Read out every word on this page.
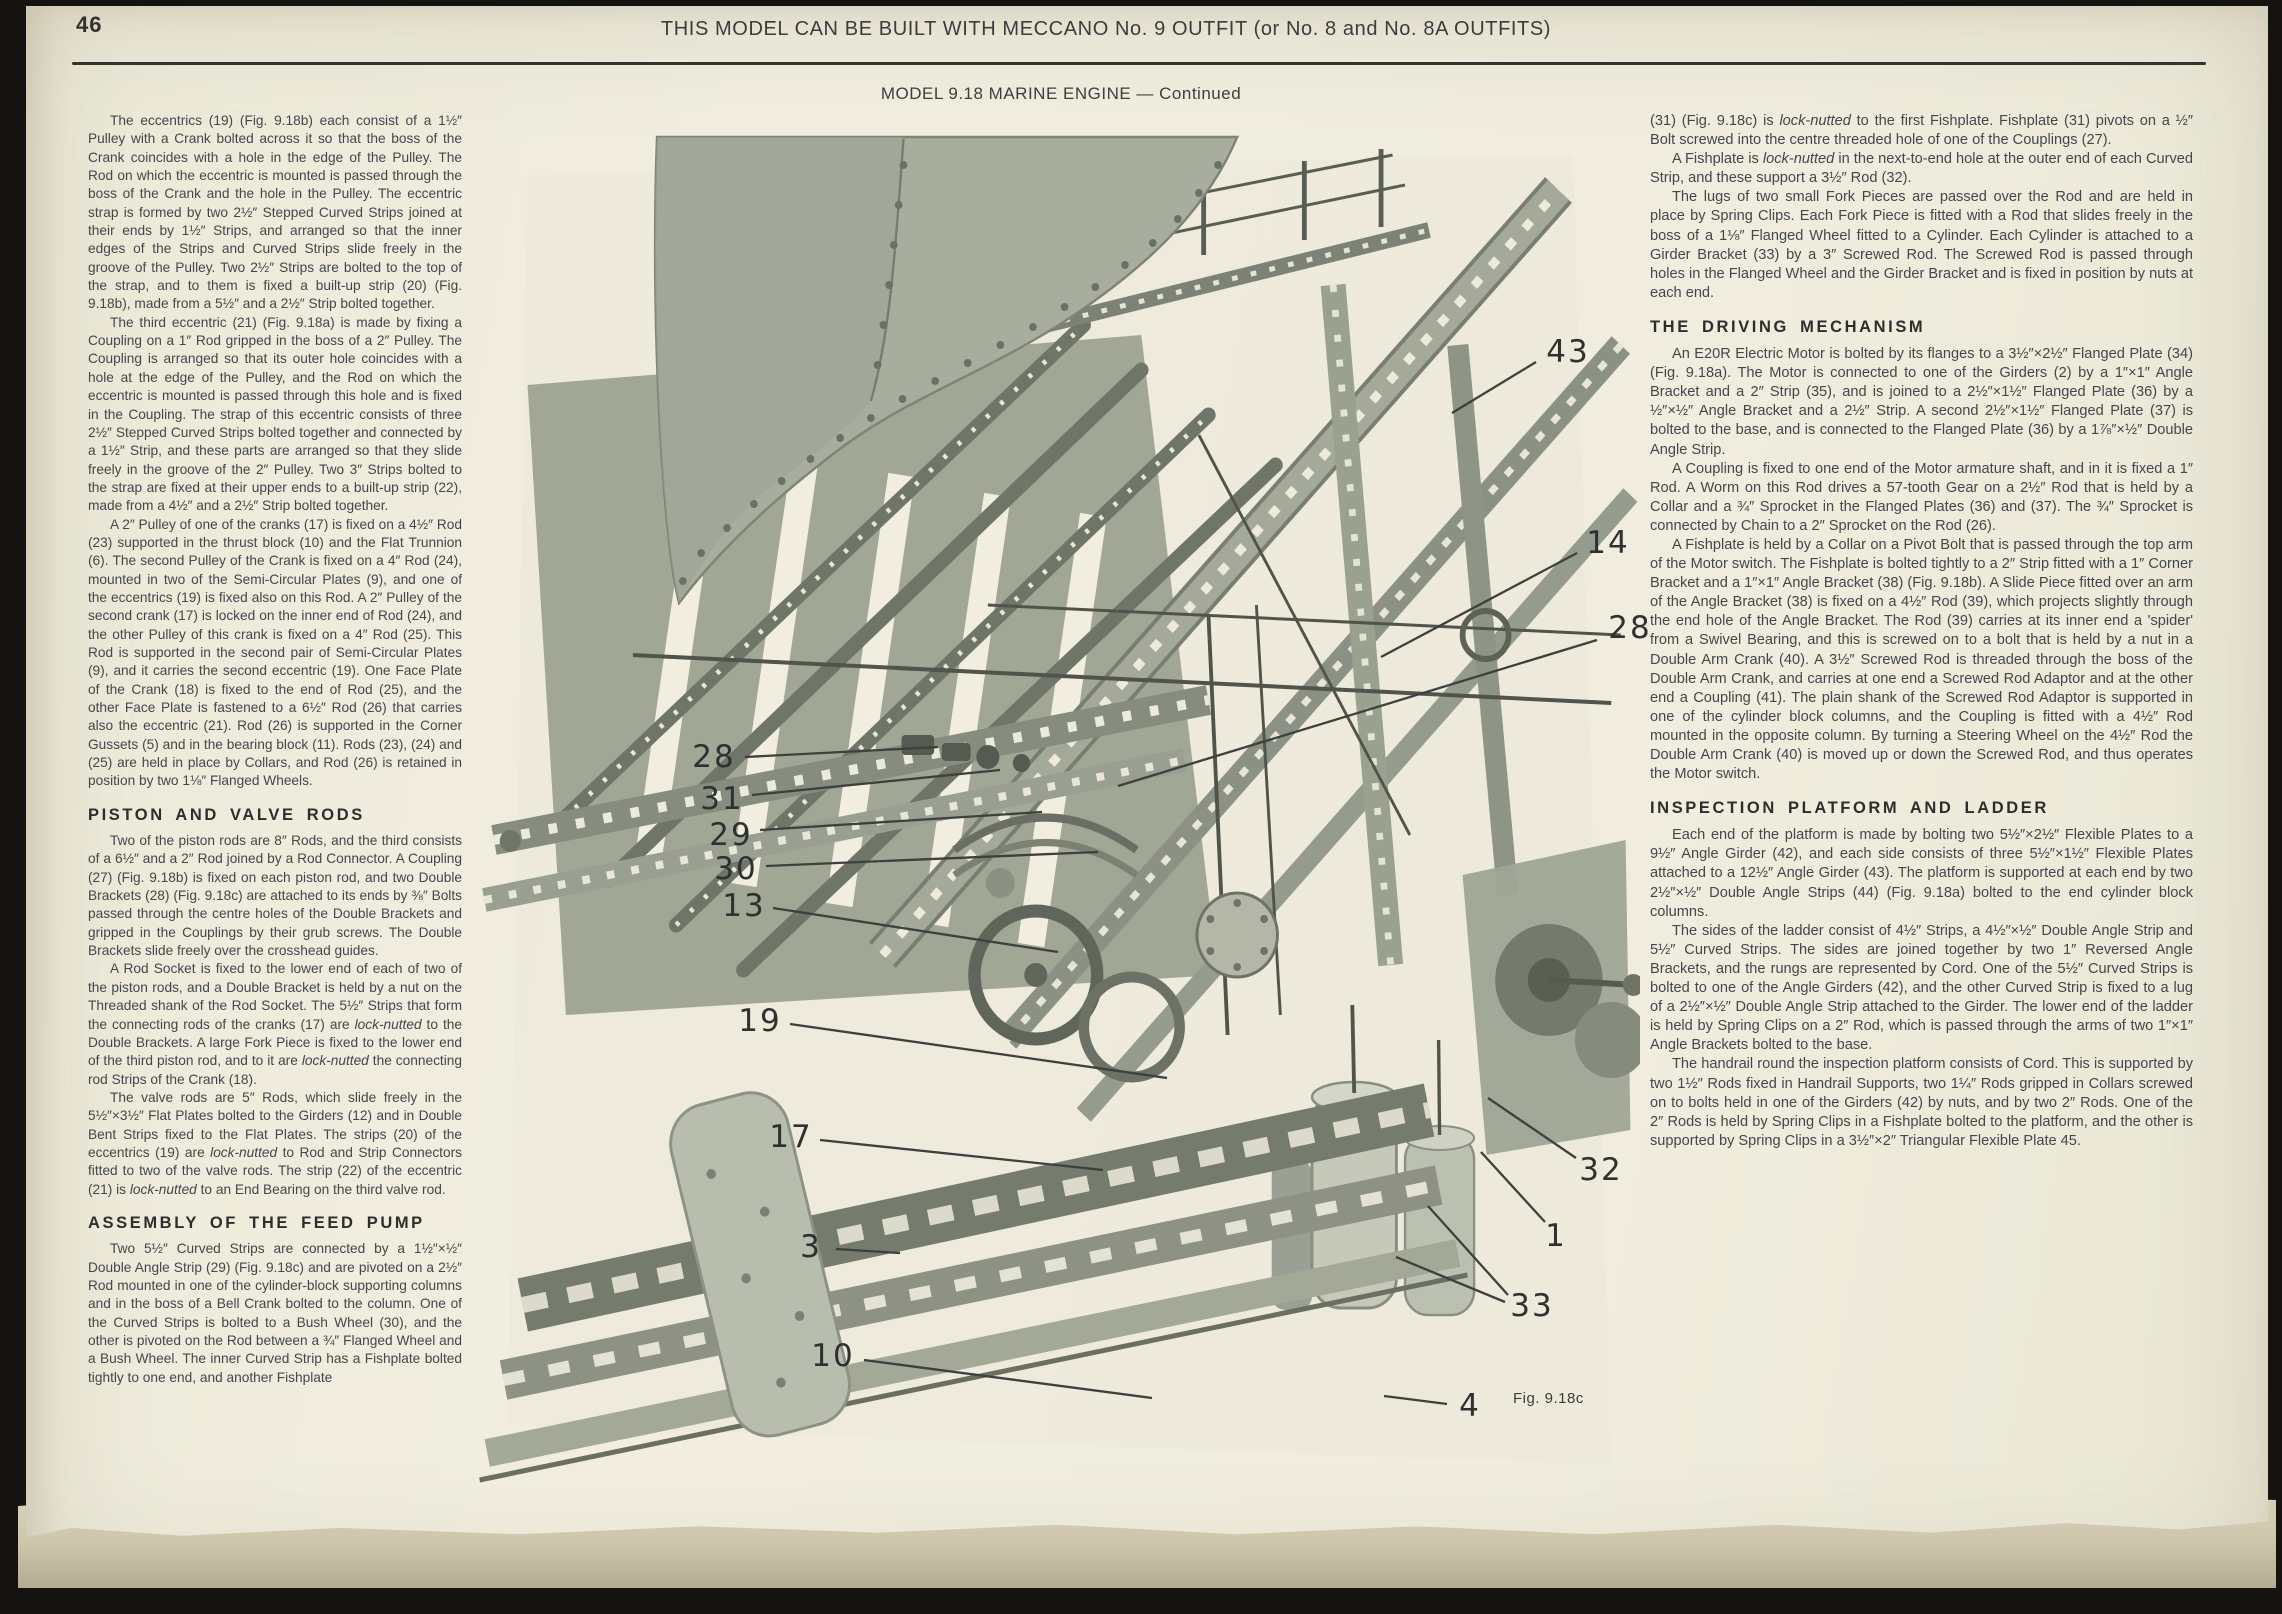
46	THIS MODEL CAN BE BUILT WITH MECCANO No. 9 OUTFIT (or No. 8 and No. 8A OUTFITS)
MODEL 9.18 MARINE ENGINE — Continued

The eccentrics (19) (Fig. 9.18b) each consist of a 1½″ Pulley with a Crank bolted across it so that the boss of the Crank coincides with a hole in the edge of the Pulley. The Rod on which the eccentric is mounted is passed through the boss of the Crank and the hole in the Pulley. The eccentric strap is formed by two 2½″ Stepped Curved Strips joined at their ends by 1½″ Strips, and arranged so that the inner edges of the Strips and Curved Strips slide freely in the groove of the Pulley. Two 2½″ Strips are bolted to the top of the strap, and to them is fixed a built-up strip (20) (Fig. 9.18b), made from a 5½″ and a 2½″ Strip bolted together.

The third eccentric (21) (Fig. 9.18a) is made by fixing a Coupling on a 1″ Rod gripped in the boss of a 2″ Pulley. The Coupling is arranged so that its outer hole coincides with a hole at the edge of the Pulley, and the Rod on which the eccentric is mounted is passed through this hole and is fixed in the Coupling. The strap of this eccentric consists of three 2½″ Stepped Curved Strips bolted together and connected by a 1½″ Strip, and these parts are arranged so that they slide freely in the groove of the 2″ Pulley. Two 3″ Strips bolted to the strap are fixed at their upper ends to a built-up strip (22), made from a 4½″ and a 2½″ Strip bolted together.

A 2″ Pulley of one of the cranks (17) is fixed on a 4½″ Rod (23) supported in the thrust block (10) and the Flat Trunnion (6). The second Pulley of the Crank is fixed on a 4″ Rod (24), mounted in two of the Semi-Circular Plates (9), and one of the eccentrics (19) is fixed also on this Rod. A 2″ Pulley of the second crank (17) is locked on the inner end of Rod (24), and the other Pulley of this crank is fixed on a 4″ Rod (25). This Rod is supported in the second pair of Semi-Circular Plates (9), and it carries the second eccentric (19). One Face Plate of the Crank (18) is fixed to the end of Rod (25), and the other Face Plate is fastened to a 6½″ Rod (26) that carries also the eccentric (21). Rod (26) is supported in the Corner Gussets (5) and in the bearing block (11). Rods (23), (24) and (25) are held in place by Collars, and Rod (26) is retained in position by two 1⅛″ Flanged Wheels.

PISTON AND VALVE RODS

Two of the piston rods are 8″ Rods, and the third consists of a 6½″ and a 2″ Rod joined by a Rod Connector. A Coupling (27) (Fig. 9.18b) is fixed on each piston rod, and two Double Brackets (28) (Fig. 9.18c) are attached to its ends by ⅜″ Bolts passed through the centre holes of the Double Brackets and gripped in the Couplings by their grub screws. The Double Brackets slide freely over the crosshead guides.

A Rod Socket is fixed to the lower end of each of two of the piston rods, and a Double Bracket is held by a nut on the Threaded shank of the Rod Socket. The 5½″ Strips that form the connecting rods of the cranks (17) are lock-nutted to the Double Brackets. A large Fork Piece is fixed to the lower end of the third piston rod, and to it are lock-nutted the connecting rod Strips of the Crank (18).

The valve rods are 5″ Rods, which slide freely in the 5½″×3½″ Flat Plates bolted to the Girders (12) and in Double Bent Strips fixed to the Flat Plates. The strips (20) of the eccentrics (19) are lock-nutted to Rod and Strip Connectors fitted to two of the valve rods. The strip (22) of the eccentric (21) is lock-nutted to an End Bearing on the third valve rod.

ASSEMBLY OF THE FEED PUMP

Two 5½″ Curved Strips are connected by a 1½″×½″ Double Angle Strip (29) (Fig. 9.18c) and are pivoted on a 2½″ Rod mounted in one of the cylinder-block supporting columns and in the boss of a Bell Crank bolted to the column. One of the Curved Strips is bolted to a Bush Wheel (30), and the other is pivoted on the Rod between a ¾″ Flanged Wheel and a Bush Wheel. The inner Curved Strip has a Fishplate bolted tightly to one end, and another Fishplate

(31) (Fig. 9.18c) is lock-nutted to the first Fishplate. Fishplate (31) pivots on a ½″ Bolt screwed into the centre threaded hole of one of the Couplings (27).

A Fishplate is lock-nutted in the next-to-end hole at the outer end of each Curved Strip, and these support a 3½″ Rod (32).

The lugs of two small Fork Pieces are passed over the Rod and are held in place by Spring Clips. Each Fork Piece is fitted with a Rod that slides freely in the boss of a 1⅛″ Flanged Wheel fitted to a Cylinder. Each Cylinder is attached to a Girder Bracket (33) by a 3″ Screwed Rod. The Screwed Rod is passed through holes in the Flanged Wheel and the Girder Bracket and is fixed in position by nuts at each end.

THE DRIVING MECHANISM

An E20R Electric Motor is bolted by its flanges to a 3½″×2½″ Flanged Plate (34) (Fig. 9.18a). The Motor is connected to one of the Girders (2) by a 1″×1″ Angle Bracket and a 2″ Strip (35), and is joined to a 2½″×1½″ Flanged Plate (36) by a ½″×½″ Angle Bracket and a 2½″ Strip. A second 2½″×1½″ Flanged Plate (37) is bolted to the base, and is connected to the Flanged Plate (36) by a 1⅞″×½″ Double Angle Strip.

A Coupling is fixed to one end of the Motor armature shaft, and in it is fixed a 1″ Rod. A Worm on this Rod drives a 57-tooth Gear on a 2½″ Rod that is held by a Collar and a ¾″ Sprocket in the Flanged Plates (36) and (37). The ¾″ Sprocket is connected by Chain to a 2″ Sprocket on the Rod (26).

A Fishplate is held by a Collar on a Pivot Bolt that is passed through the top arm of the Motor switch. The Fishplate is bolted tightly to a 2″ Strip fitted with a 1″ Corner Bracket and a 1″×1″ Angle Bracket (38) (Fig. 9.18b). A Slide Piece fitted over an arm of the Angle Bracket (38) is fixed on a 4½″ Rod (39), which projects slightly through the end hole of the Angle Bracket. The Rod (39) carries at its inner end a 'spider' from a Swivel Bearing, and this is screwed on to a bolt that is held by a nut in a Double Arm Crank (40). A 3½″ Screwed Rod is threaded through the boss of the Double Arm Crank, and carries at one end a Screwed Rod Adaptor and at the other end a Coupling (41). The plain shank of the Screwed Rod Adaptor is supported in one of the cylinder block columns, and the Coupling is fitted with a 4½″ Rod mounted in the opposite column. By turning a Steering Wheel on the 4½″ Rod the Double Arm Crank (40) is moved up or down the Screwed Rod, and thus operates the Motor switch.

INSPECTION PLATFORM AND LADDER

Each end of the platform is made by bolting two 5½″×2½″ Flexible Plates to a 9½″ Angle Girder (42), and each side consists of three 5½″×1½″ Flexible Plates attached to a 12½″ Angle Girder (43). The platform is supported at each end by two 2½″×½″ Double Angle Strips (44) (Fig. 9.18a) bolted to the end cylinder block columns.

The sides of the ladder consist of 4½″ Strips, a 4½″×½″ Double Angle Strip and 5½″ Curved Strips. The sides are joined together by two 1″ Reversed Angle Brackets, and the rungs are represented by Cord. One of the 5½″ Curved Strips is bolted to one of the Angle Girders (42), and the other Curved Strip is fixed to a lug of a 2½″×½″ Double Angle Strip attached to the Girder. The lower end of the ladder is held by Spring Clips on a 2″ Rod, which is passed through the arms of two 1″×1″ Angle Brackets bolted to the base.

The handrail round the inspection platform consists of Cord. This is supported by two 1½″ Rods fixed in Handrail Supports, two 1¼″ Rods gripped in Collars screwed on to bolts held in one of the Girders (42) by nuts, and by two 2″ Rods. One of the 2″ Rods is held by Spring Clips in a Fishplate bolted to the platform, and the other is supported by Spring Clips in a 3½″×2″ Triangular Flexible Plate 45.

Fig. 9.18c
43
14
28
28
31
29
30
13
19
17
3
10
32
1
33
4
